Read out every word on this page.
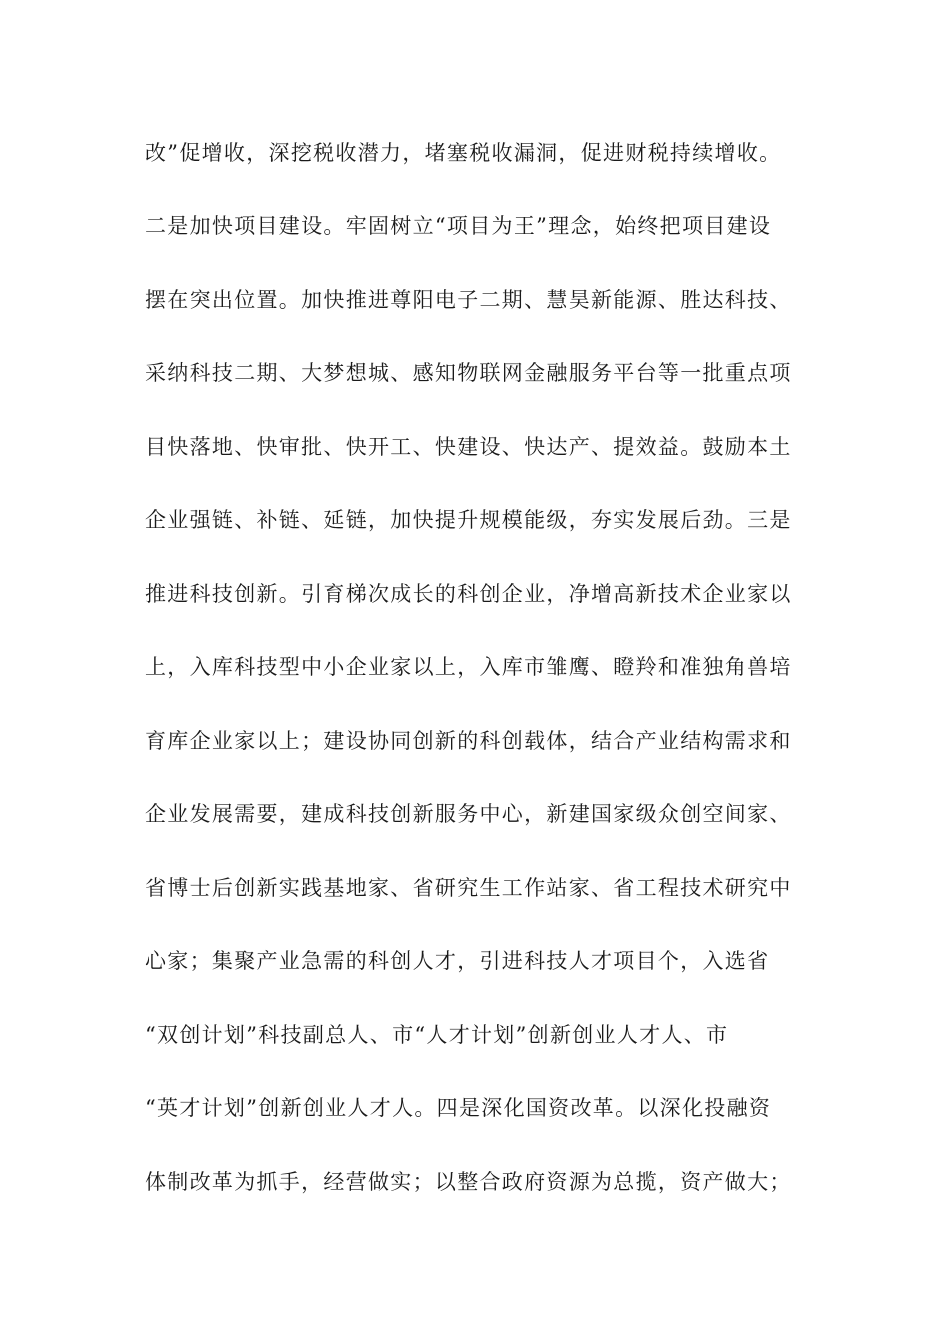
改”促增收，深挖税收潜力，堵塞税收漏洞，促进财税持续增收。
二是加快项目建设。牢固树立“项目为王”理念，始终把项目建设
摆在突出位置。加快推进尊阳电子二期、慧昊新能源、胜达科技、
采纳科技二期、大梦想城、感知物联网金融服务平台等一批重点项
目快落地、快审批、快开工、快建设、快达产、提效益。鼓励本土
企业强链、补链、延链，加快提升规模能级，夯实发展后劲。三是
推进科技创新。引育梯次成长的科创企业，净增高新技术企业家以
上，入库科技型中小企业家以上，入库市雏鹰、瞪羚和准独角兽培
育库企业家以上；建设协同创新的科创载体，结合产业结构需求和
企业发展需要，建成科技创新服务中心，新建国家级众创空间家、
省博士后创新实践基地家、省研究生工作站家、省工程技术研究中
心家；集聚产业急需的科创人才，引进科技人才项目个，入选省
“双创计划”科技副总人、市“人才计划”创新创业人才人、市
“英才计划”创新创业人才人。四是深化国资改革。以深化投融资
体制改革为抓手，经营做实；以整合政府资源为总揽，资产做大；
